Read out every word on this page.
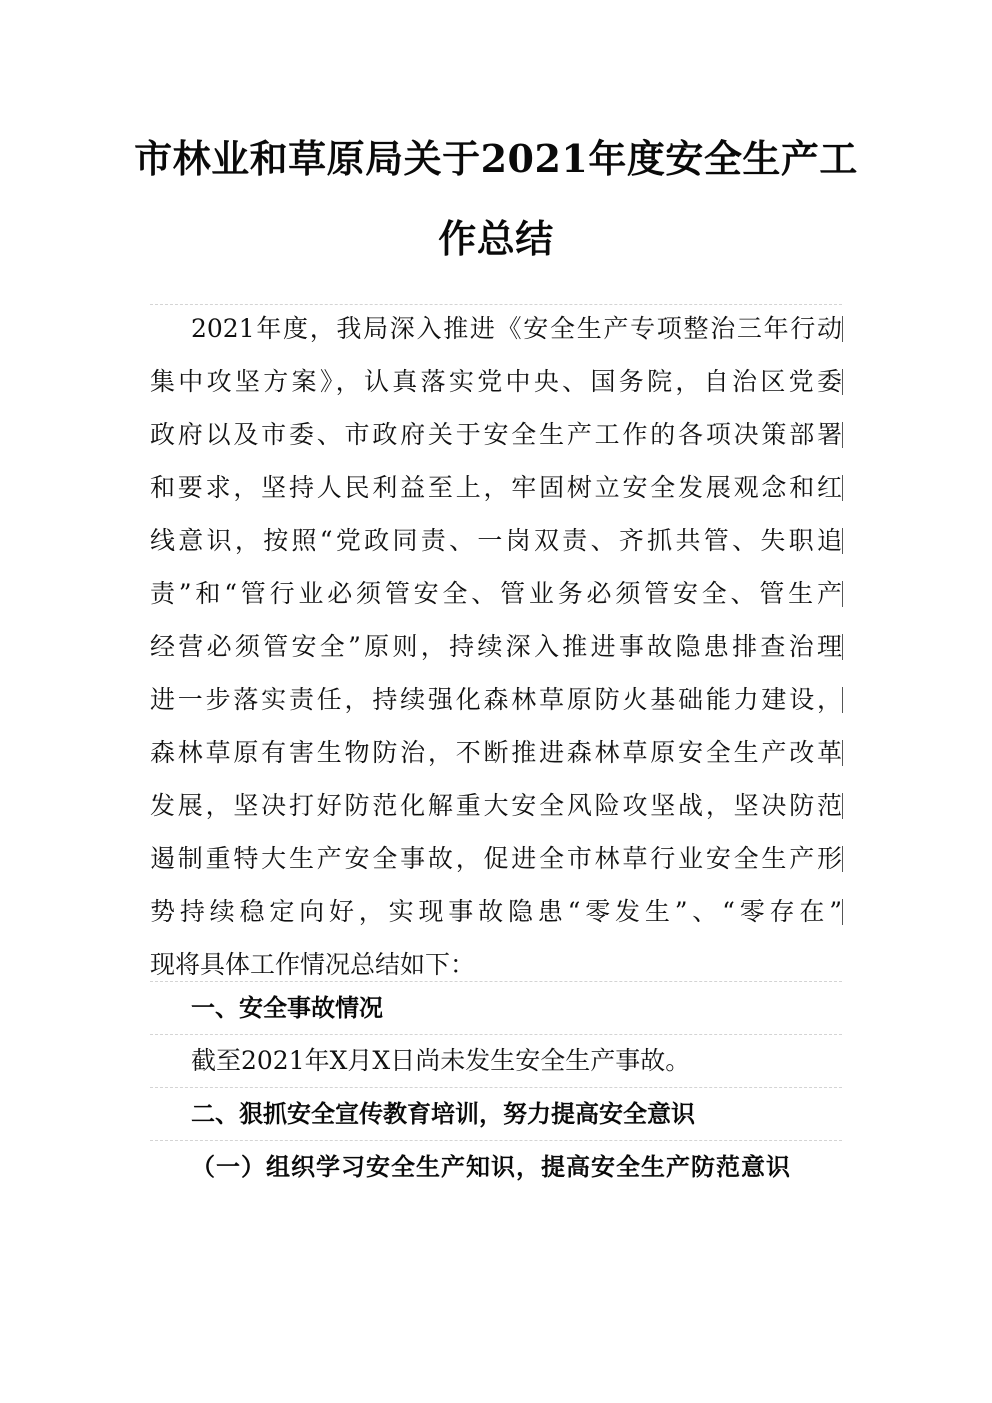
市林业和草原局关于2021年度安全生产工
作总结
2021年度，我局深入推进《安全生产专项整治三年行动
集中攻坚方案》，认真落实党中央、国务院，自治区党委
政府以及市委、市政府关于安全生产工作的各项决策部署
和要求，坚持人民利益至上，牢固树立安全发展观念和红
线意识，按照“党政同责、一岗双责、齐抓共管、失职追
责”和“管行业必须管安全、管业务必须管安全、管生产
经营必须管安全”原则，持续深入推进事故隐患排查治理
进一步落实责任，持续强化森林草原防火基础能力建设，
森林草原有害生物防治，不断推进森林草原安全生产改革
发展，坚决打好防范化解重大安全风险攻坚战，坚决防范
遏制重特大生产安全事故，促进全市林草行业安全生产形
势持续稳定向好，实现事故隐患“零发生”、“零存在”
现将具体工作情况总结如下：
一、安全事故情况
截至2021年X月X日尚未发生安全生产事故。
二、狠抓安全宣传教育培训，努力提高安全意识
（一）组织学习安全生产知识，提高安全生产防范意识
